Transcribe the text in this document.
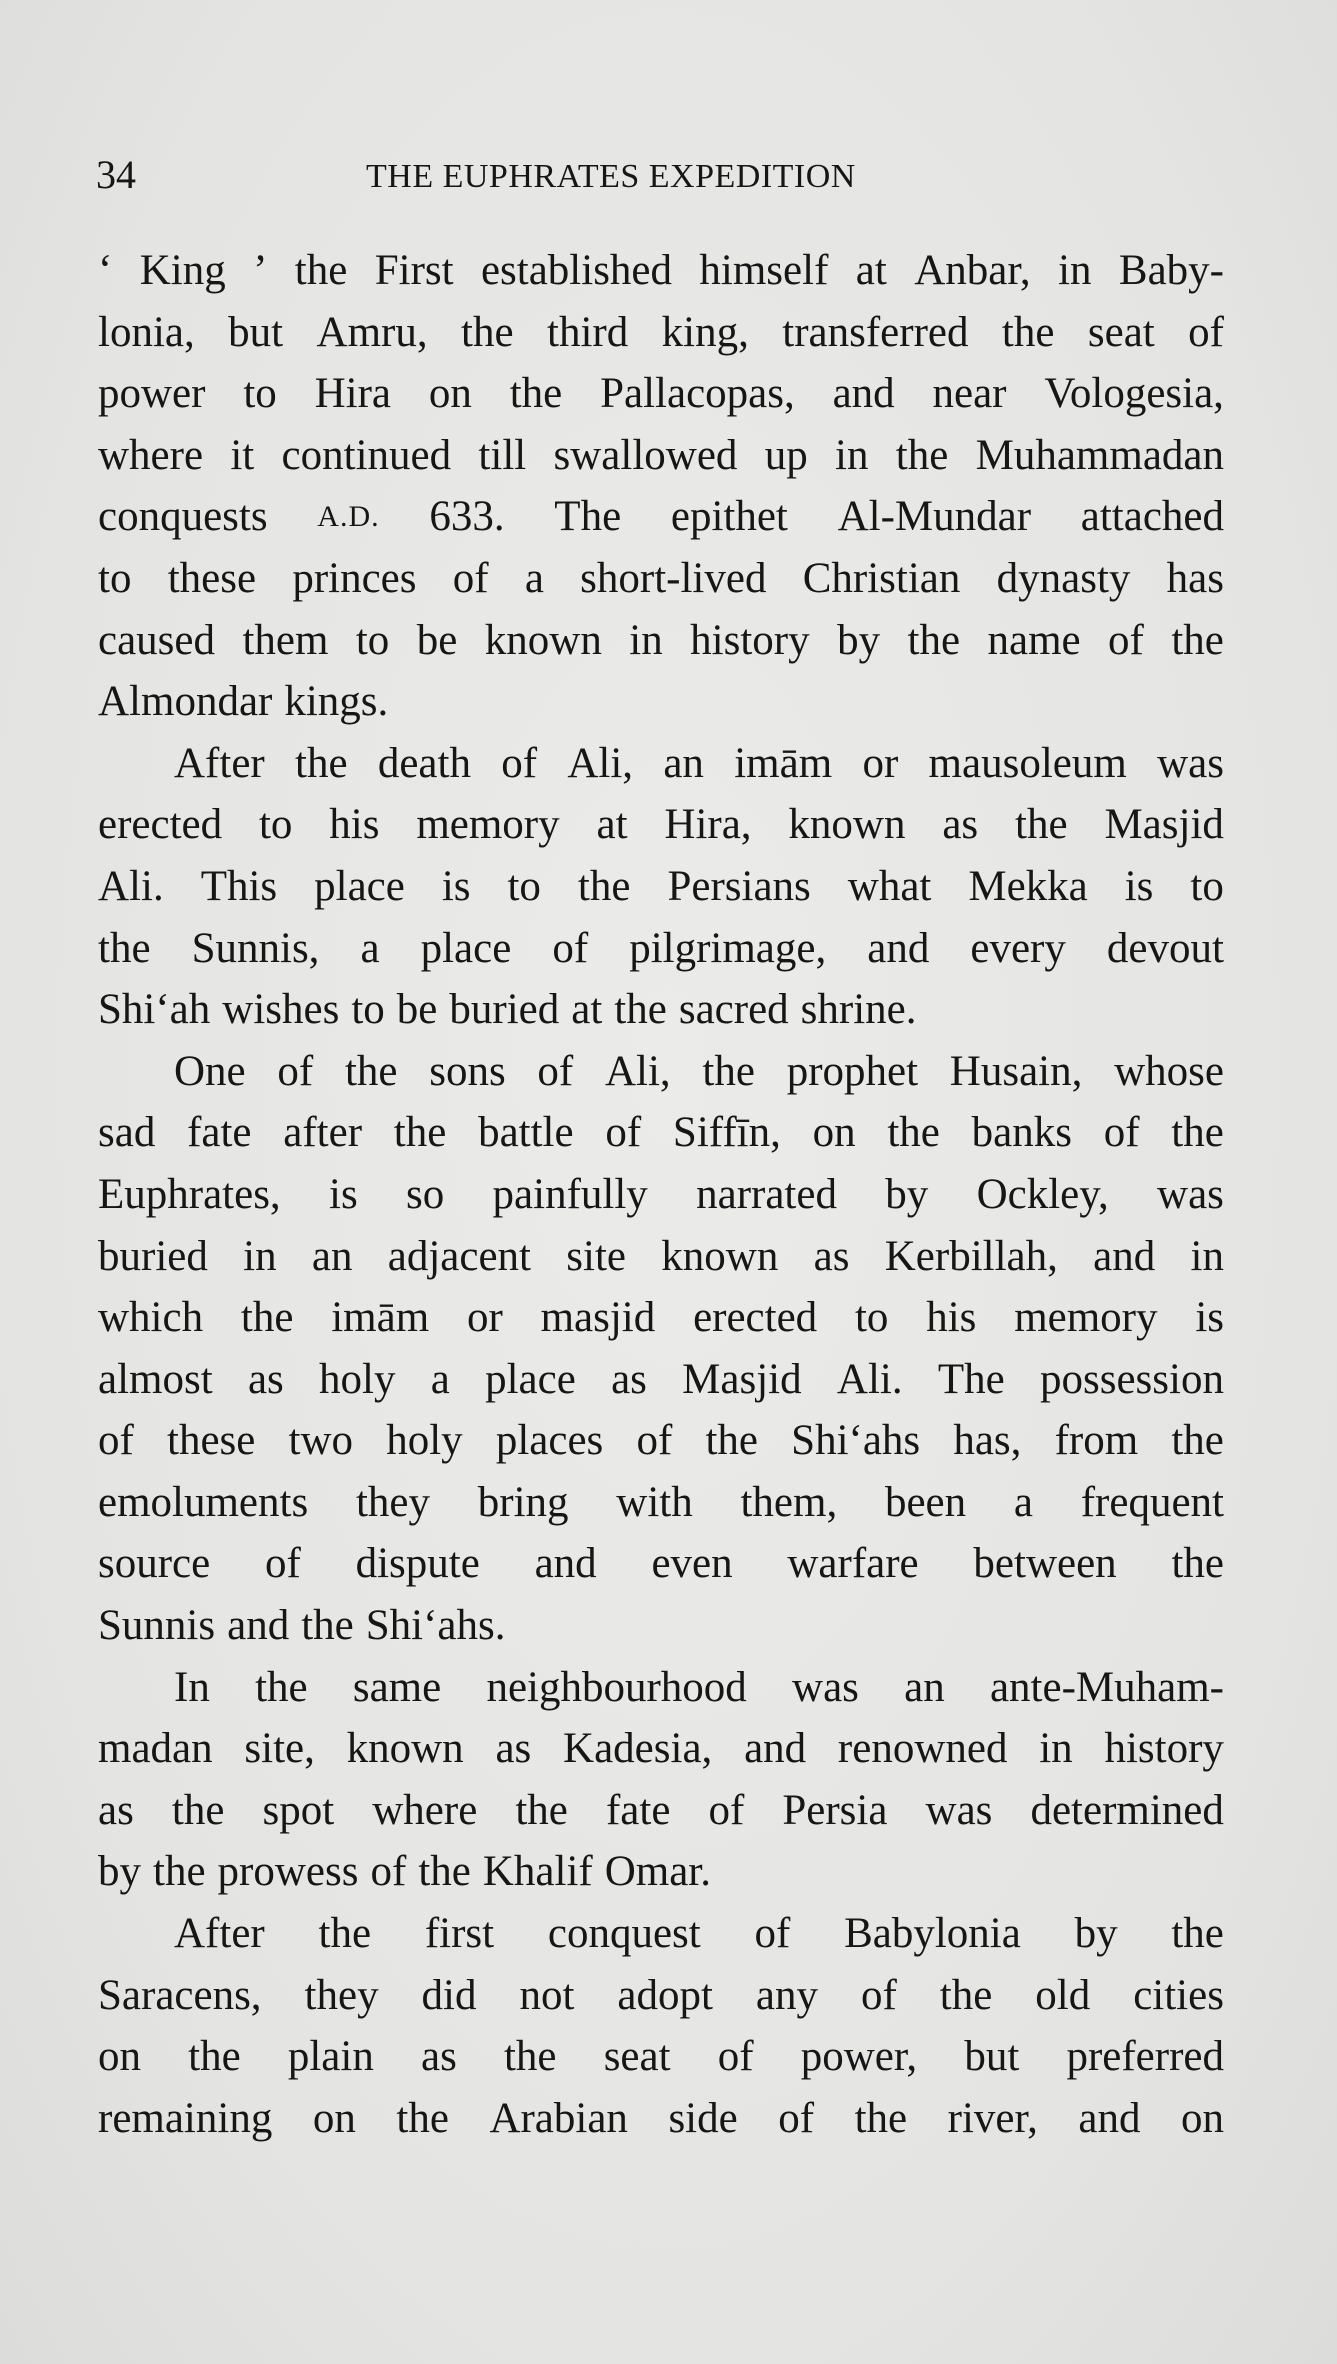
34	THE EUPHRATES EXPEDITION
‘ King ’ the First established himself at Anbar, in Baby-
lonia, but Amru, the third king, transferred the seat of
power to Hira on the Pallacopas, and near Vologesia,
where it continued till swallowed up in the Muhammadan
conquests A.D. 633. The epithet Al-Mundar attached
to these princes of a short-lived Christian dynasty has
caused them to be known in history by the name of the
Almondar kings.
After the death of Ali, an imām or mausoleum was
erected to his memory at Hira, known as the Masjid
Ali. This place is to the Persians what Mekka is to
the Sunnis, a place of pilgrimage, and every devout
Shi‘ah wishes to be buried at the sacred shrine.
One of the sons of Ali, the prophet Husain, whose
sad fate after the battle of Siffīn, on the banks of the
Euphrates, is so painfully narrated by Ockley, was
buried in an adjacent site known as Kerbillah, and in
which the imām or masjid erected to his memory is
almost as holy a place as Masjid Ali. The possession
of these two holy places of the Shi‘ahs has, from the
emoluments they bring with them, been a frequent
source of dispute and even warfare between the
Sunnis and the Shi‘ahs.
In the same neighbourhood was an ante-Muham-
madan site, known as Kadesia, and renowned in history
as the spot where the fate of Persia was determined
by the prowess of the Khalif Omar.
After the first conquest of Babylonia by the
Saracens, they did not adopt any of the old cities
on the plain as the seat of power, but preferred
remaining on the Arabian side of the river, and on
